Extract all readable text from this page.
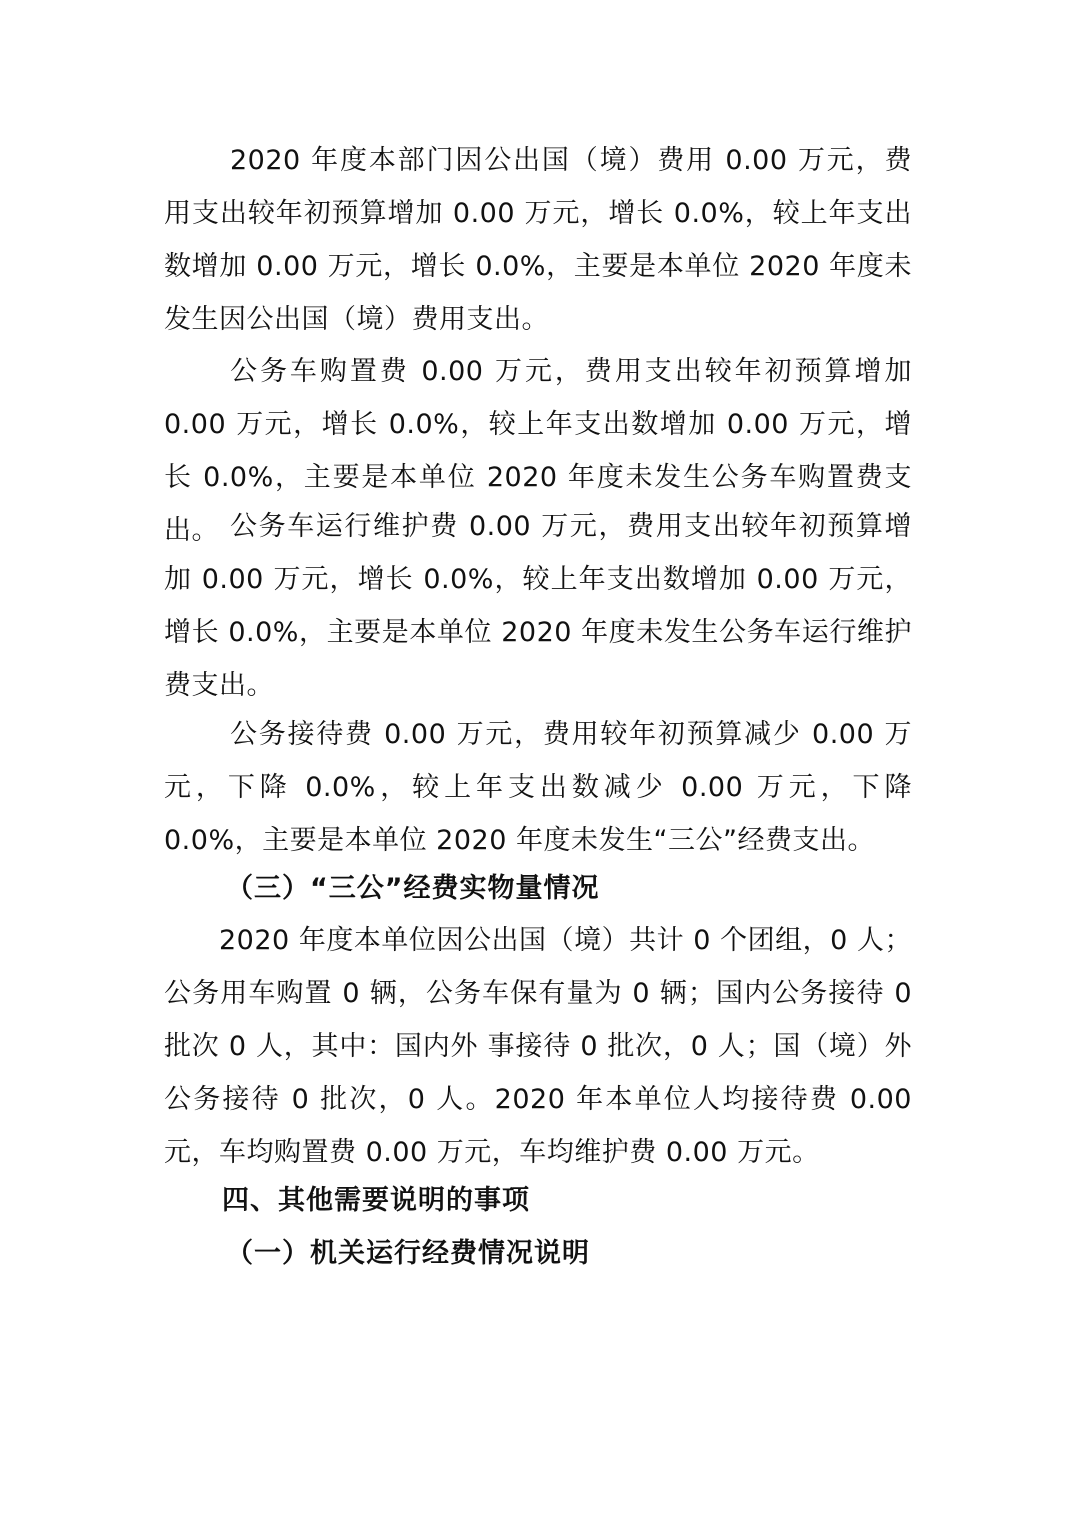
2020 年度本部门因公出国（境）费用 0.00 万元，费用支出较年初预算增加 0.00 万元，增长 0.0%，较上年支出数增加 0.00 万元，增长 0.0%，主要是本单位 2020 年度未发生因公出国（境）费用支出。

公务车购置费 0.00 万元，费用支出较年初预算增加 0.00 万元，增长 0.0%，较上年支出数增加 0.00 万元，增长 0.0%，主要是本单位 2020 年度未发生公务车购置费支出。 公务车运行维护费 0.00 万元，费用支出较年初预算增加 0.00 万元，增长 0.0%，较上年支出数增加 0.00 万元，增长 0.0%，主要是本单位 2020 年度未发生公务车运行维护费支出。

公务接待费 0.00 万元，费用较年初预算减少 0.00 万元，下降 0.0%，较上年支出数减少 0.00 万元，下降 0.0%，主要是本单位 2020 年度未发生“三公”经费支出。

（三）“三公”经费实物量情况

2020 年度本单位因公出国（境）共计 0 个团组，0 人；公务用车购置 0 辆，公务车保有量为 0 辆；国内公务接待 0 批次 0 人，其中：国内外 事接待 0 批次，0 人；国（境）外公务接待 0 批次，0 人。2020 年本单位人均接待费 0.00 元，车均购置费 0.00 万元，车均维护费 0.00 万元。

四、其他需要说明的事项
（一）机关运行经费情况说明
